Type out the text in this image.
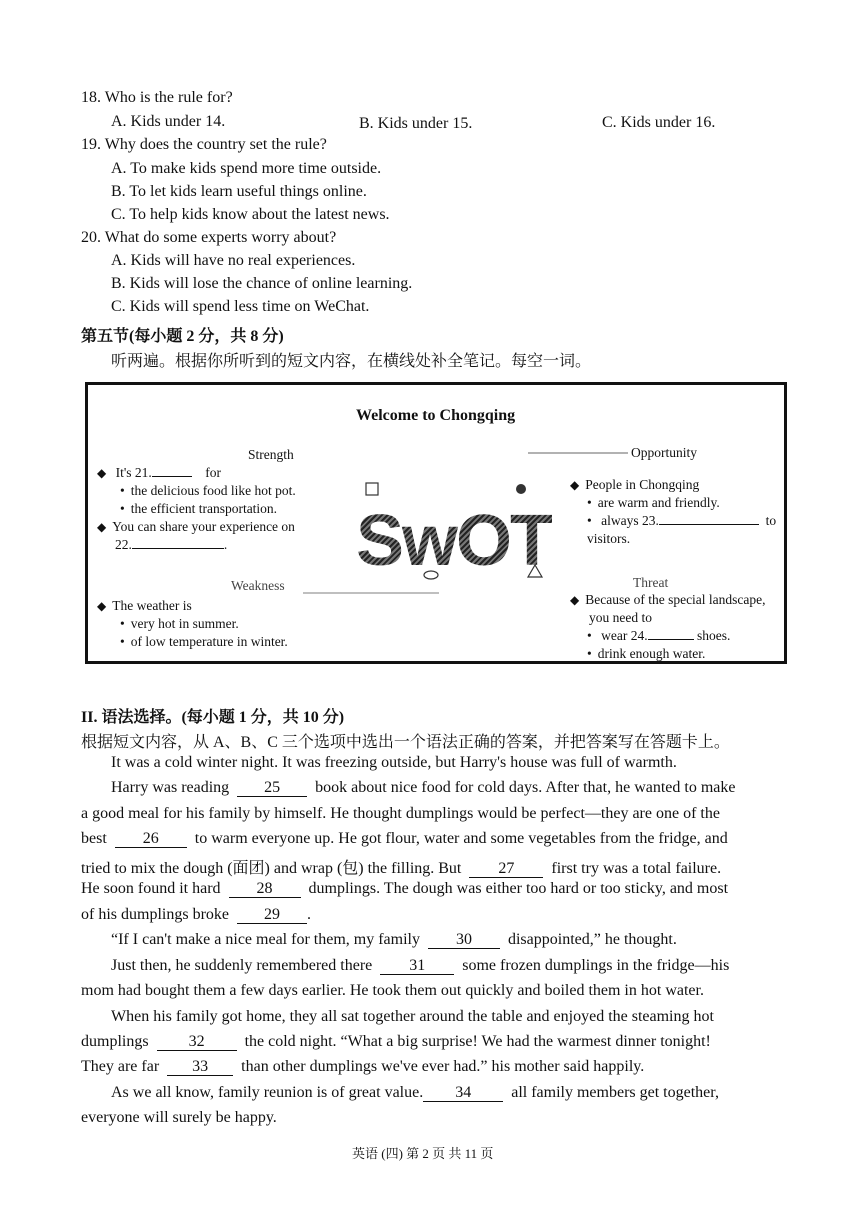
18. Who is the rule for?
A. Kids under 14.	B. Kids under 15.	C. Kids under 16.
19. Why does the country set the rule?
A. To make kids spend more time outside.
B. To let kids learn useful things online.
C. To help kids know about the latest news.
20. What do some experts worry about?
A. Kids will have no real experiences.
B. Kids will lose the chance of online learning.
C. Kids will spend less time on WeChat.
第五节(每小题 2 分，共 8 分)
听两遍。根据你所听到的短文内容，在横线处补全笔记。每空一词。
Welcome to Chongqing
SwOT
Strength
◆ It's 21.	for
• the delicious food like hot pot.
• the efficient transportation.
◆ You can share your experience on
22.	.
Opportunity
◆ People in Chongqing
• are warm and friendly.
• always 23.	to
visitors.
Weakness
◆ The weather is
• very hot in summer.
• of low temperature in winter.
Threat
◆ Because of the special landscape,
you need to
• wear 24.	shoes.
• drink enough water.
II. 语法选择。(每小题 1 分，共 10 分)
根据短文内容，从 A、B、C 三个选项中选出一个语法正确的答案，并把答案写在答题卡上。
It was a cold winter night. It was freezing outside, but Harry's house was full of warmth.
Harry was reading 25 book about nice food for cold days. After that, he wanted to make
a good meal for his family by himself. He thought dumplings would be perfect—they are one of the
best 26 to warm everyone up. He got flour, water and some vegetables from the fridge, and
tried to mix the dough (面团) and wrap (包) the filling. But 27 first try was a total failure.
He soon found it hard 28 dumplings. The dough was either too hard or too sticky, and most
of his dumplings broke 29 .
“If I can't make a nice meal for them, my family 30 disappointed,” he thought.
Just then, he suddenly remembered there 31 some frozen dumplings in the fridge—his
mom had bought them a few days earlier. He took them out quickly and boiled them in hot water.
When his family got home, they all sat together around the table and enjoyed the steaming hot
dumplings	32	the cold night. “What a big surprise! We had the warmest dinner tonight!
They are far 33 than other dumplings we've ever had.” his mother said happily.
As we all know, family reunion is of great value. 34	all family members get together,
everyone will surely be happy.
英语 (四) 第 2 页 共 11 页
